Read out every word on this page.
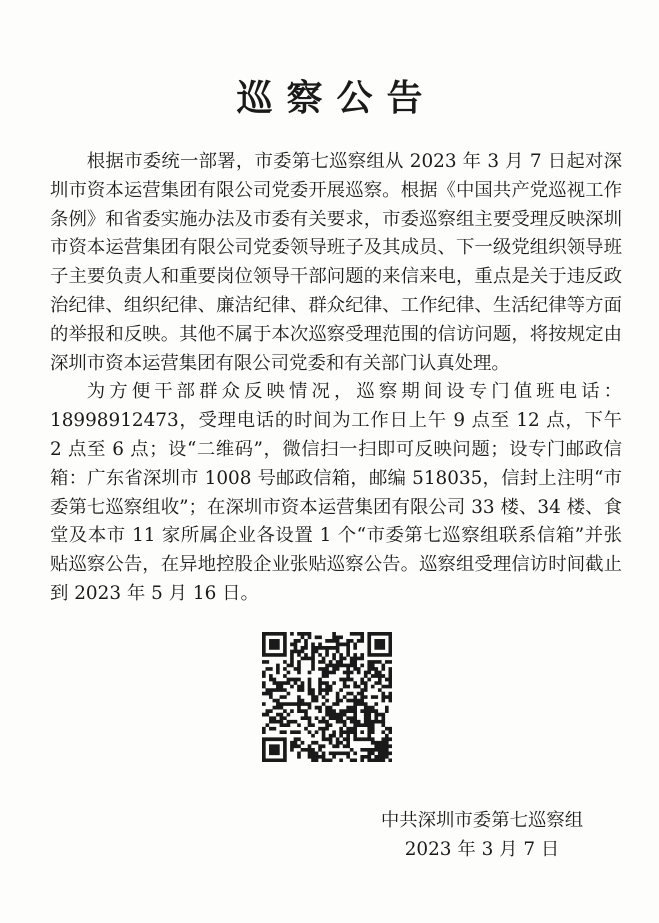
巡察公告

根据市委统一部署，市委第七巡察组从 2023 年 3 月 7 日起对深圳市资本运营集团有限公司党委开展巡察。根据《中国共产党巡视工作条例》和省委实施办法及市委有关要求，市委巡察组主要受理反映深圳市资本运营集团有限公司党委领导班子及其成员、下一级党组织领导班子主要负责人和重要岗位领导干部问题的来信来电，重点是关于违反政治纪律、组织纪律、廉洁纪律、群众纪律、工作纪律、生活纪律等方面的举报和反映。其他不属于本次巡察受理范围的信访问题，将按规定由深圳市资本运营集团有限公司党委和有关部门认真处理。

为方便干部群众反映情况，巡察期间设专门值班电话：18998912473，受理电话的时间为工作日上午 9 点至 12 点，下午 2 点至 6 点；设“二维码”，微信扫一扫即可反映问题；设专门邮政信箱：广东省深圳市 1008 号邮政信箱，邮编 518035，信封上注明“市委第七巡察组收”；在深圳市资本运营集团有限公司 33 楼、34 楼、食堂及本市 11 家所属企业各设置 1 个“市委第七巡察组联系信箱”并张贴巡察公告，在异地控股企业张贴巡察公告。巡察组受理信访时间截止到 2023 年 5 月 16 日。

中共深圳市委第七巡察组
2023 年 3 月 7 日
